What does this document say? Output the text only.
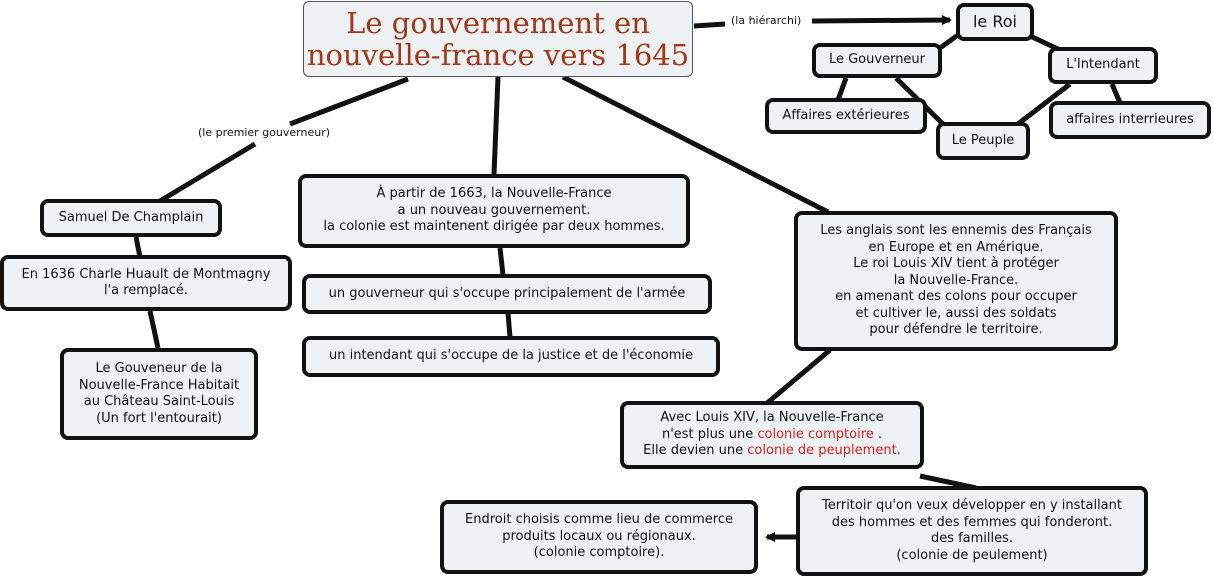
Le gouvernement en
nouvelle-france vers 1645
(la hiérarchi)
(le premier gouverneur)
le Roi
Le Gouverneur	L'Intendant
Affaires extérieures
Le Peuple
affaires interrieures
Samuel De Champlain
En 1636 Charle Huault de Montmagny
l'a remplacé.
Le Gouveneur de la
Nouvelle-France Habitait
au Château Saint-Louis
(Un fort l'entourait)
À partir de 1663, la Nouvelle-France
a un nouveau gouvernement.
la colonie est maintenent dirigée par deux hommes.
un gouverneur qui s'occupe principalement de l'armée
un intendant qui s'occupe de la justice et de l'économie
Les anglais sont les ennemis des Français
en Europe et en Amérique.
Le roi Louis XIV tient à protéger
la Nouvelle-France.
en amenant des colons pour occuper
et cultiver le, aussi des soldats
pour défendre le territoire.
Avec Louis XIV, la Nouvelle-France
n'est plus une colonie comptoire .
Elle devien une colonie de peuplement.
Territoir qu'on veux développer en y installant
des hommes et des femmes qui fonderont.
des familles.
(colonie de peulement)
Endroit choisis comme lieu de commerce
produits locaux ou régionaux.
(colonie comptoire).
